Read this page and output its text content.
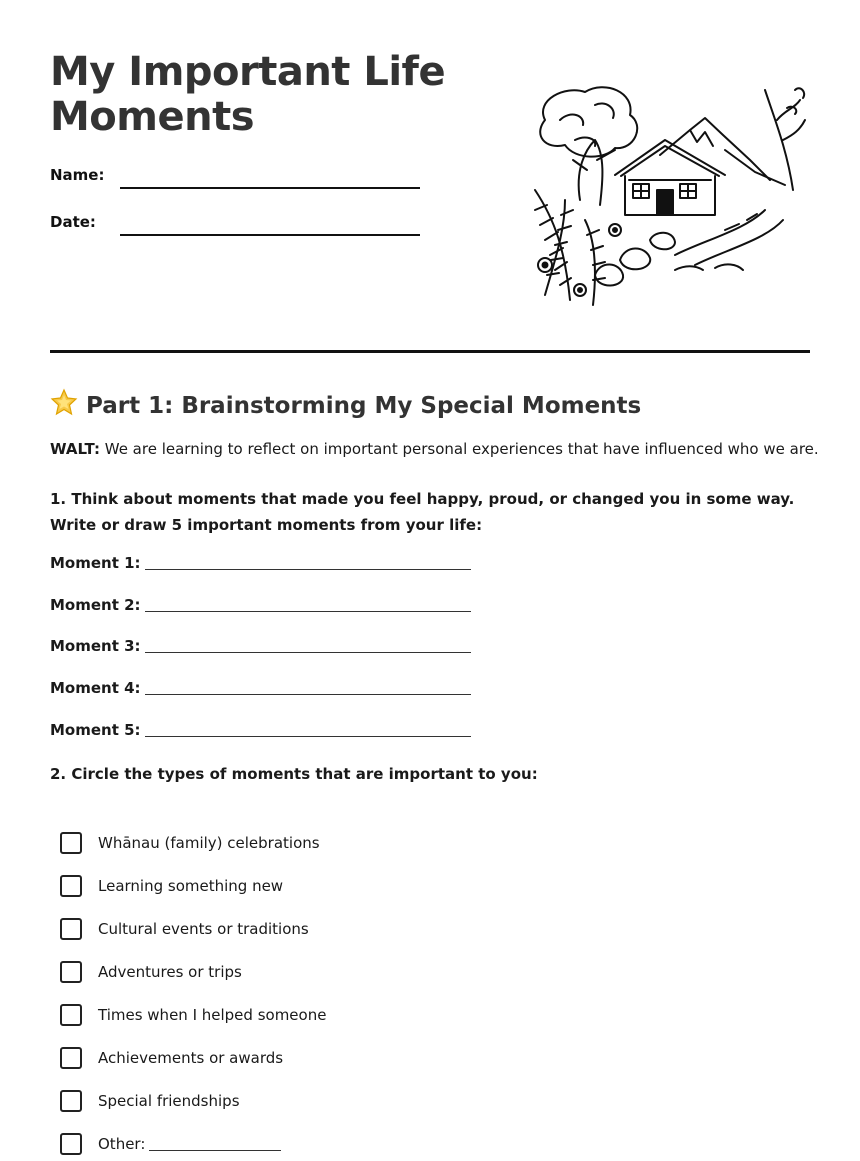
My Important Life Moments
Name:
Date:
Part 1: Brainstorming My Special Moments
WALT: We are learning to reflect on important personal experiences that have influenced who we are.
1. Think about moments that made you feel happy, proud, or changed you in some way. Write or draw 5 important moments from your life:
Moment 1:
Moment 2:
Moment 3:
Moment 4:
Moment 5:
2. Circle the types of moments that are important to you:
Whānau (family) celebrations
Learning something new
Cultural events or traditions
Adventures or trips
Times when I helped someone
Achievements or awards
Special friendships
Other:
